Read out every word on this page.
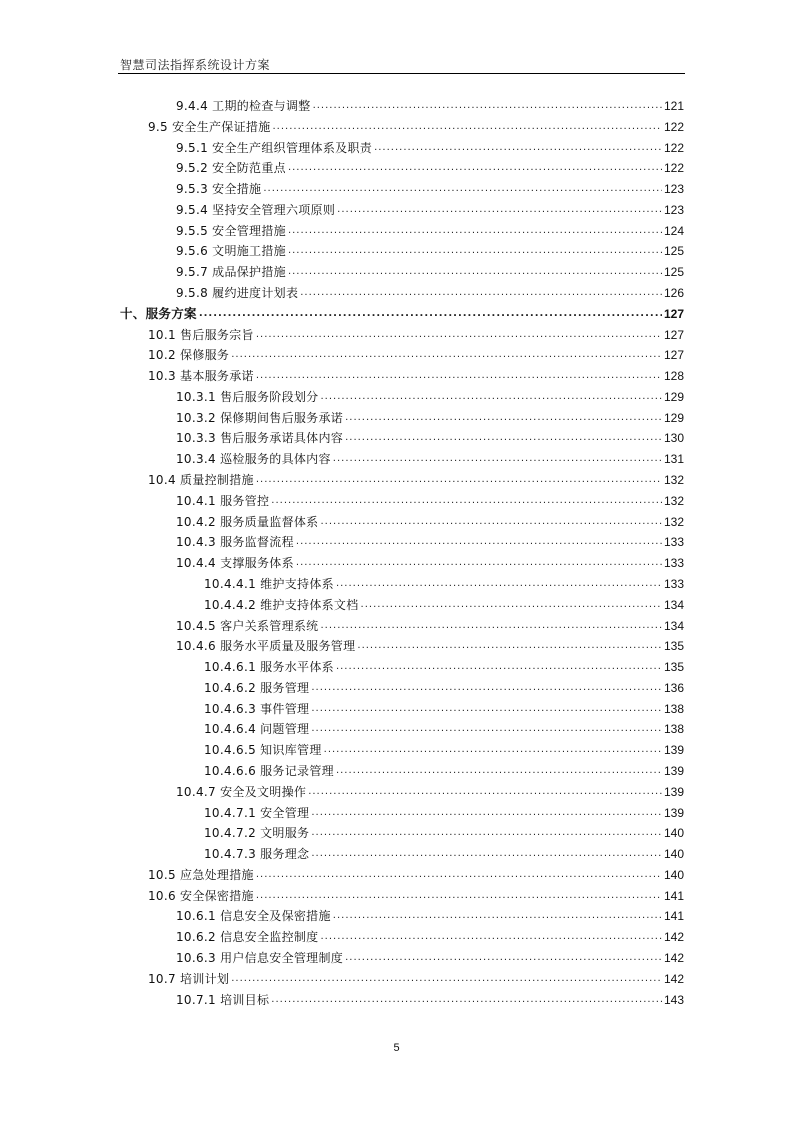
智慧司法指挥系统设计方案
9.4.4 工期的检查与调整 .....	121
9.5 安全生产保证措施 .....	122
9.5.1 安全生产组织管理体系及职责 .....	122
9.5.2 安全防范重点 .....	122
9.5.3 安全措施 .....	123
9.5.4 坚持安全管理六项原则 .....	123
9.5.5 安全管理措施 .....	124
9.5.6 文明施工措施 .....	125
9.5.7 成品保护措施 .....	125
9.5.8 履约进度计划表 .....	126
十、服务方案 .....	127
10.1 售后服务宗旨 .....	127
10.2 保修服务 .....	127
10.3 基本服务承诺 .....	128
10.3.1 售后服务阶段划分 .....	129
10.3.2 保修期间售后服务承诺 .....	129
10.3.3 售后服务承诺具体内容 .....	130
10.3.4 巡检服务的具体内容 .....	131
10.4 质量控制措施 .....	132
10.4.1 服务管控 .....	132
10.4.2 服务质量监督体系 .....	132
10.4.3 服务监督流程 .....	133
10.4.4 支撑服务体系 .....	133
10.4.4.1 维护支持体系 .....	133
10.4.4.2 维护支持体系文档 .....	134
10.4.5 客户关系管理系统 .....	134
10.4.6 服务水平质量及服务管理 .....	135
10.4.6.1 服务水平体系 .....	135
10.4.6.2 服务管理 .....	136
10.4.6.3 事件管理 .....	138
10.4.6.4 问题管理 .....	138
10.4.6.5 知识库管理 .....	139
10.4.6.6 服务记录管理 .....	139
10.4.7 安全及文明操作 .....	139
10.4.7.1 安全管理 .....	139
10.4.7.2 文明服务 .....	140
10.4.7.3 服务理念 .....	140
10.5 应急处理措施 .....	140
10.6 安全保密措施 .....	141
10.6.1 信息安全及保密措施 .....	141
10.6.2 信息安全监控制度 .....	142
10.6.3 用户信息安全管理制度 .....	142
10.7 培训计划 .....	142
10.7.1 培训目标 .....	143
5
